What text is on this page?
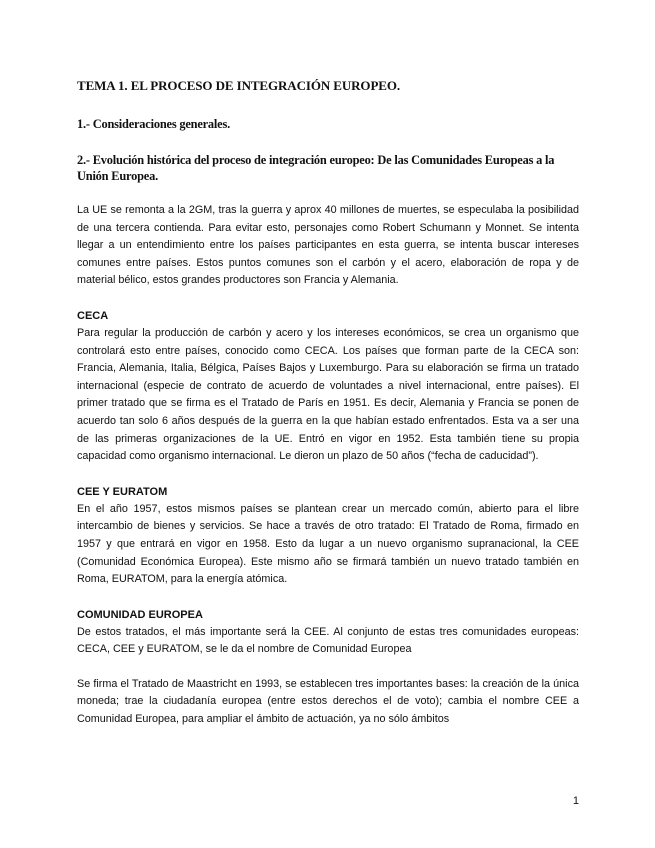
TEMA 1. EL PROCESO DE INTEGRACIÓN EUROPEO.
1.- Consideraciones generales.
2.- Evolución histórica del proceso de integración europeo: De las Comunidades Europeas a la Unión Europea.

La UE se remonta a la 2GM, tras la guerra y aprox 40 millones de muertes, se especulaba la posibilidad de una tercera contienda. Para evitar esto, personajes como Robert Schumann y Monnet. Se intenta llegar a un entendimiento entre los países participantes en esta guerra, se intenta buscar intereses comunes entre países. Estos puntos comunes son el carbón y el acero, elaboración de ropa y de material bélico, estos grandes productores son Francia y Alemania.

CECA

Para regular la producción de carbón y acero y los intereses económicos, se crea un organismo que controlará esto entre países, conocido como CECA. Los países que forman parte de la CECA son: Francia, Alemania, Italia, Bélgica, Países Bajos y Luxemburgo. Para su elaboración se firma un tratado internacional (especie de contrato de acuerdo de voluntades a nivel internacional, entre países). El primer tratado que se firma es el Tratado de París en 1951. Es decir, Alemania y Francia se ponen de acuerdo tan solo 6 años después de la guerra en la que habían estado enfrentados. Esta va a ser una de las primeras organizaciones de la UE. Entró en vigor en 1952. Esta también tiene su propia capacidad como organismo internacional. Le dieron un plazo de 50 años (“fecha de caducidad”).

CEE Y EURATOM

En el año 1957, estos mismos países se plantean crear un mercado común, abierto para el libre intercambio de bienes y servicios. Se hace a través de otro tratado: El Tratado de Roma, firmado en 1957 y que entrará en vigor en 1958. Esto da lugar a un nuevo organismo supranacional, la CEE (Comunidad Económica Europea). Este mismo año se firmará también un nuevo tratado también en Roma, EURATOM, para la energía atómica.

COMUNIDAD EUROPEA

De estos tratados, el más importante será la CEE. Al conjunto de estas tres comunidades europeas: CECA, CEE y EURATOM, se le da el nombre de Comunidad Europea

Se firma el Tratado de Maastricht en 1993, se establecen tres importantes bases: la creación de la única moneda; trae la ciudadanía europea (entre estos derechos el de voto); cambia el nombre CEE a Comunidad Europea, para ampliar el ámbito de actuación, ya no sólo ámbitos

1
